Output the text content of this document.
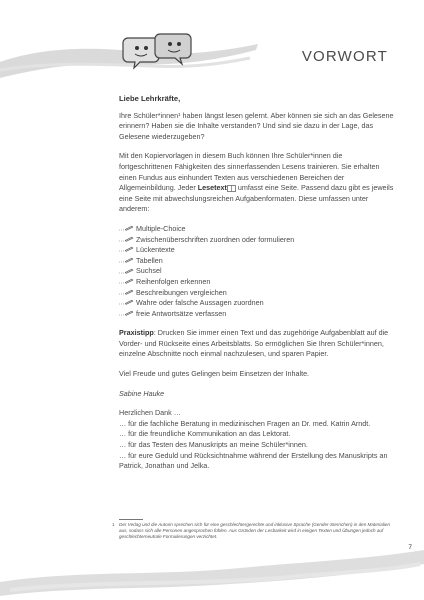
VORWORT

Liebe Lehrkräfte,

Ihre Schüler*innen¹ haben längst lesen gelernt. Aber können sie sich an das Gelesene erinnern? Haben sie die Inhalte verstanden? Und sind sie dazu in der Lage, das Gelesene wiederzugeben?

Mit den Kopiervorlagen in diesem Buch können Ihre Schüler*innen die fortgeschrittenen Fähigkeiten des sinnerfassenden Lesens trainieren. Sie erhalten einen Fundus aus einhundert Texten aus verschiedenen Bereichen der Allgemeinbildung. Jeder Lesetext umfasst eine Seite. Passend dazu gibt es jeweils eine Seite mit abwechslungsreichen Aufgabenformaten. Diese umfassen unter anderem:

Multiple-Choice
Zwischenüberschriften zuordnen oder formulieren
Lückentexte
Tabellen
Suchsel
Reihenfolgen erkennen
Beschreibungen vergleichen
Wahre oder falsche Aussagen zuordnen
freie Antwortsätze verfassen

Praxistipp: Drucken Sie immer einen Text und das zugehörige Aufgabenblatt auf die Vorder- und Rückseite eines Arbeitsblatts. So ermöglichen Sie Ihren Schüler*innen, einzelne Abschnitte noch einmal nachzulesen, und sparen Papier.

Viel Freude und gutes Gelingen beim Einsetzen der Inhalte.

Sabine Hauke

Herzlichen Dank …

… für die fachliche Beratung in medizinischen Fragen an Dr. med. Katrin Arndt.
… für die freundliche Kommunikation an das Lektorat.
… für das Testen des Manuskripts an meine Schüler*innen.
… für eure Geduld und Rücksichtnahme während der Erstellung des Manuskripts an Patrick, Jonathan und Jelka.
1 Der Verlag und die Autorin sprechen sich für eine geschlechtergerechte und inklusive Sprache (Gender-Sternchen) in den Materialien aus, sodass sich alle Personen angesprochen fühlen. Aus Gründen der Lesbarkeit wird in einigen Texten und Übungen jedoch auf geschlechterneutrale Formulierungen verzichtet.
7
